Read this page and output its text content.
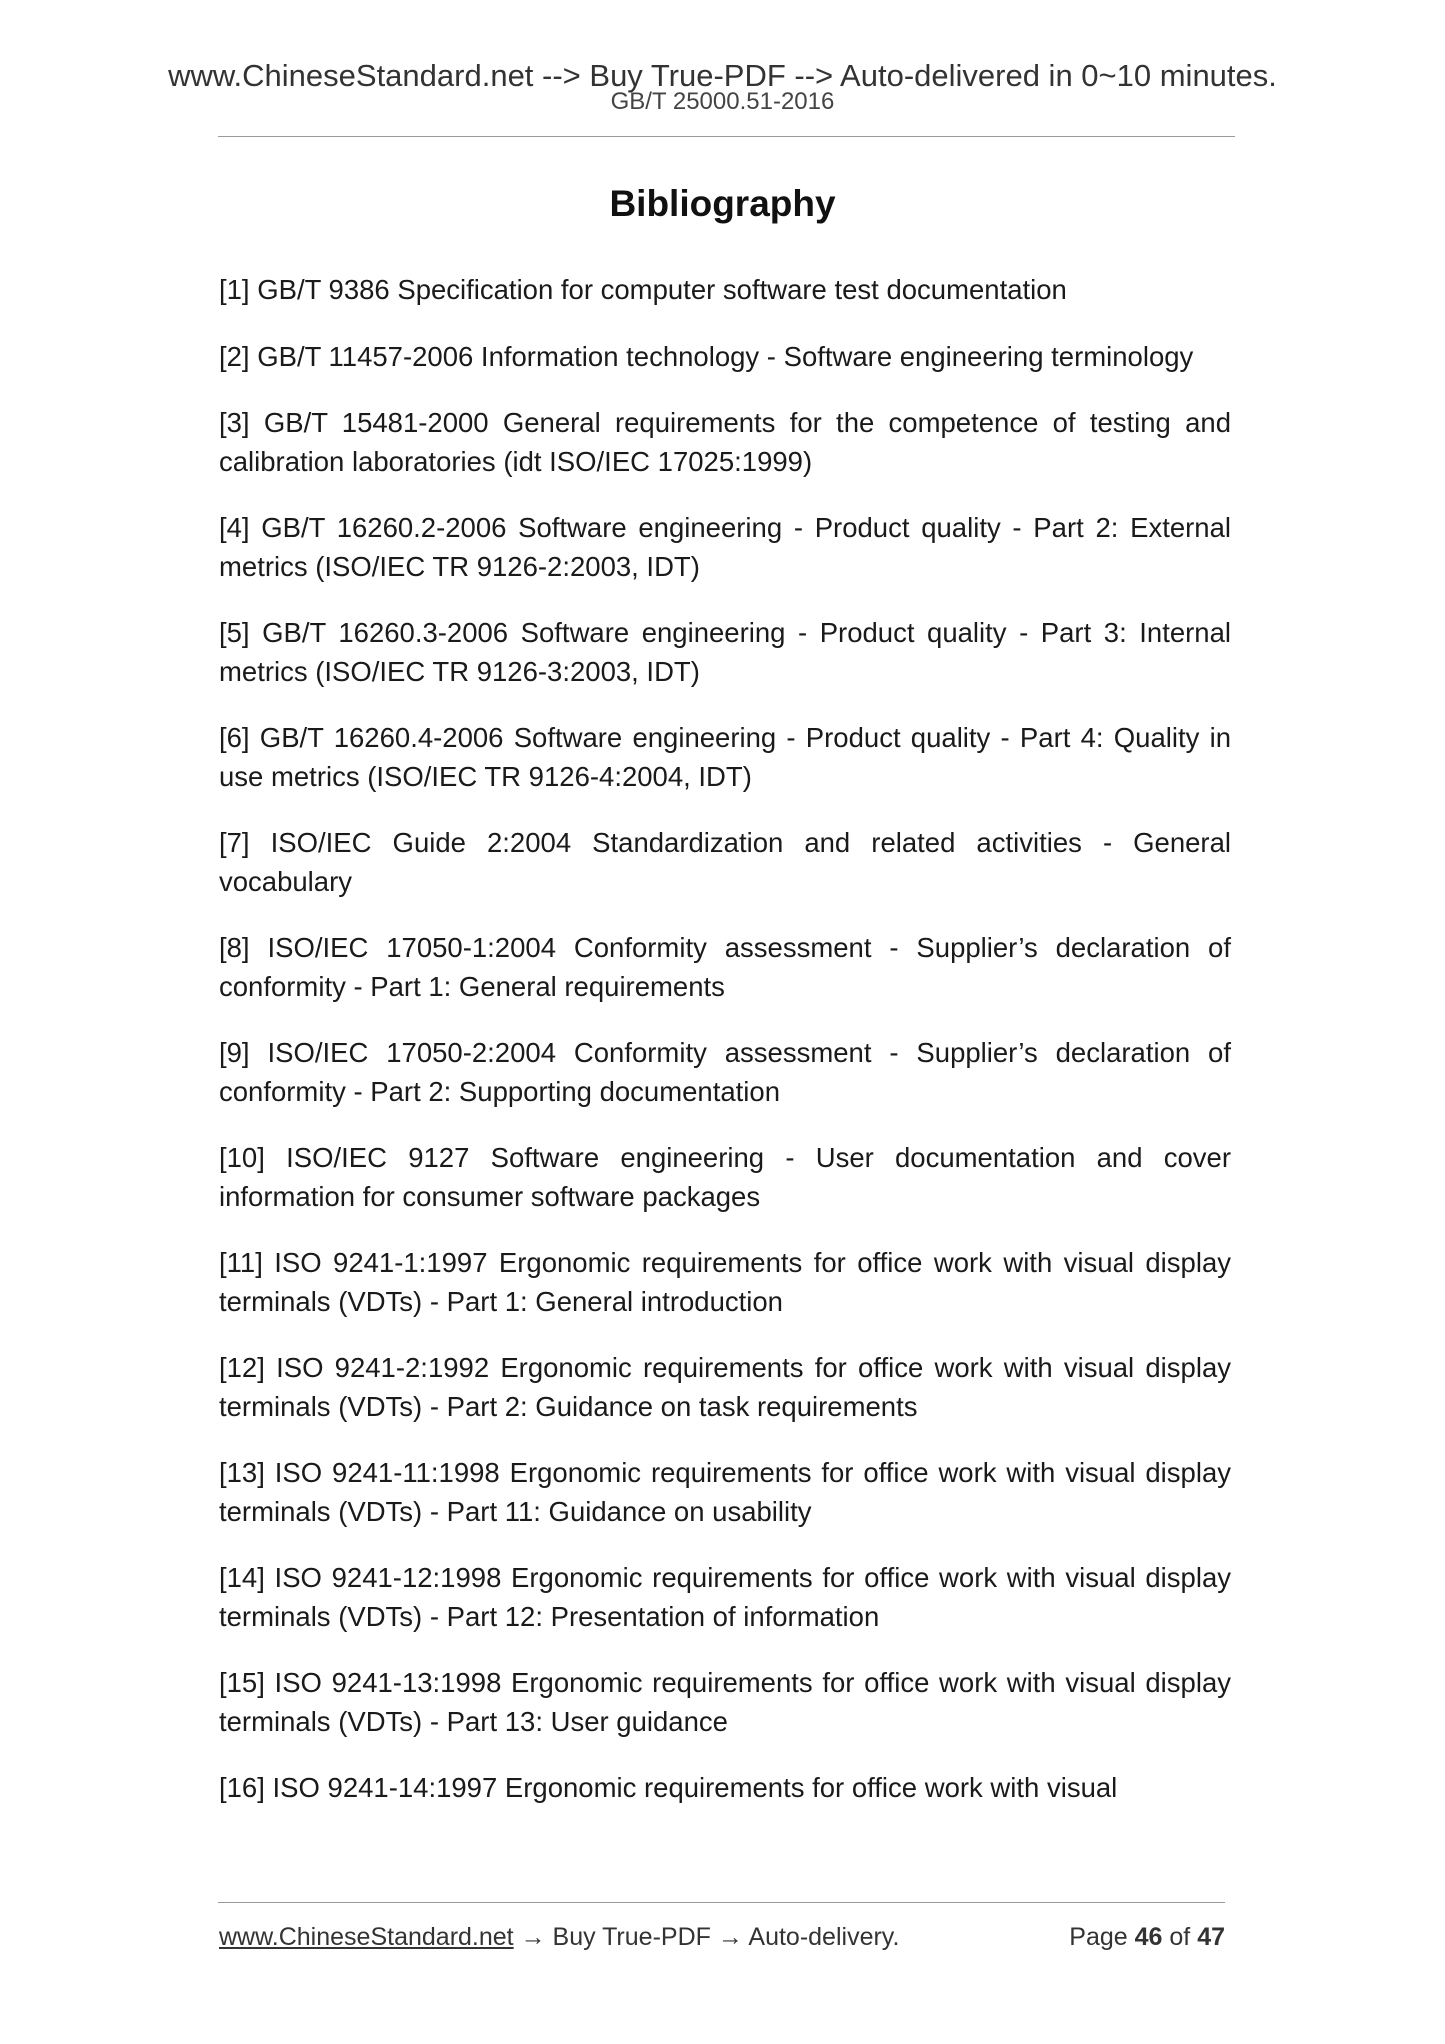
www.ChineseStandard.net --> Buy True-PDF --> Auto-delivered in 0~10 minutes.
GB/T 25000.51-2016
Bibliography
[1] GB/T 9386 Specification for computer software test documentation
[2] GB/T 11457-2006 Information technology - Software engineering terminology
[3] GB/T 15481-2000 General requirements for the competence of testing and calibration laboratories (idt ISO/IEC 17025:1999)
[4] GB/T 16260.2-2006 Software engineering - Product quality - Part 2: External metrics (ISO/IEC TR 9126-2:2003, IDT)
[5] GB/T 16260.3-2006 Software engineering - Product quality - Part 3: Internal metrics (ISO/IEC TR 9126-3:2003, IDT)
[6] GB/T 16260.4-2006 Software engineering - Product quality - Part 4: Quality in use metrics (ISO/IEC TR 9126-4:2004, IDT)
[7] ISO/IEC Guide 2:2004 Standardization and related activities - General vocabulary
[8] ISO/IEC 17050-1:2004 Conformity assessment - Supplier’s declaration of conformity - Part 1: General requirements
[9] ISO/IEC 17050-2:2004 Conformity assessment - Supplier’s declaration of conformity - Part 2: Supporting documentation
[10] ISO/IEC 9127 Software engineering - User documentation and cover information for consumer software packages
[11] ISO 9241-1:1997 Ergonomic requirements for office work with visual display terminals (VDTs) - Part 1: General introduction
[12] ISO 9241-2:1992 Ergonomic requirements for office work with visual display terminals (VDTs) - Part 2: Guidance on task requirements
[13] ISO 9241-11:1998 Ergonomic requirements for office work with visual display terminals (VDTs) - Part 11: Guidance on usability
[14] ISO 9241-12:1998 Ergonomic requirements for office work with visual display terminals (VDTs) - Part 12: Presentation of information
[15] ISO 9241-13:1998 Ergonomic requirements for office work with visual display terminals (VDTs) - Part 13: User guidance
[16] ISO 9241-14:1997 Ergonomic requirements for office work with visual
www.ChineseStandard.net → Buy True-PDF → Auto-delivery.	Page 46 of 47
